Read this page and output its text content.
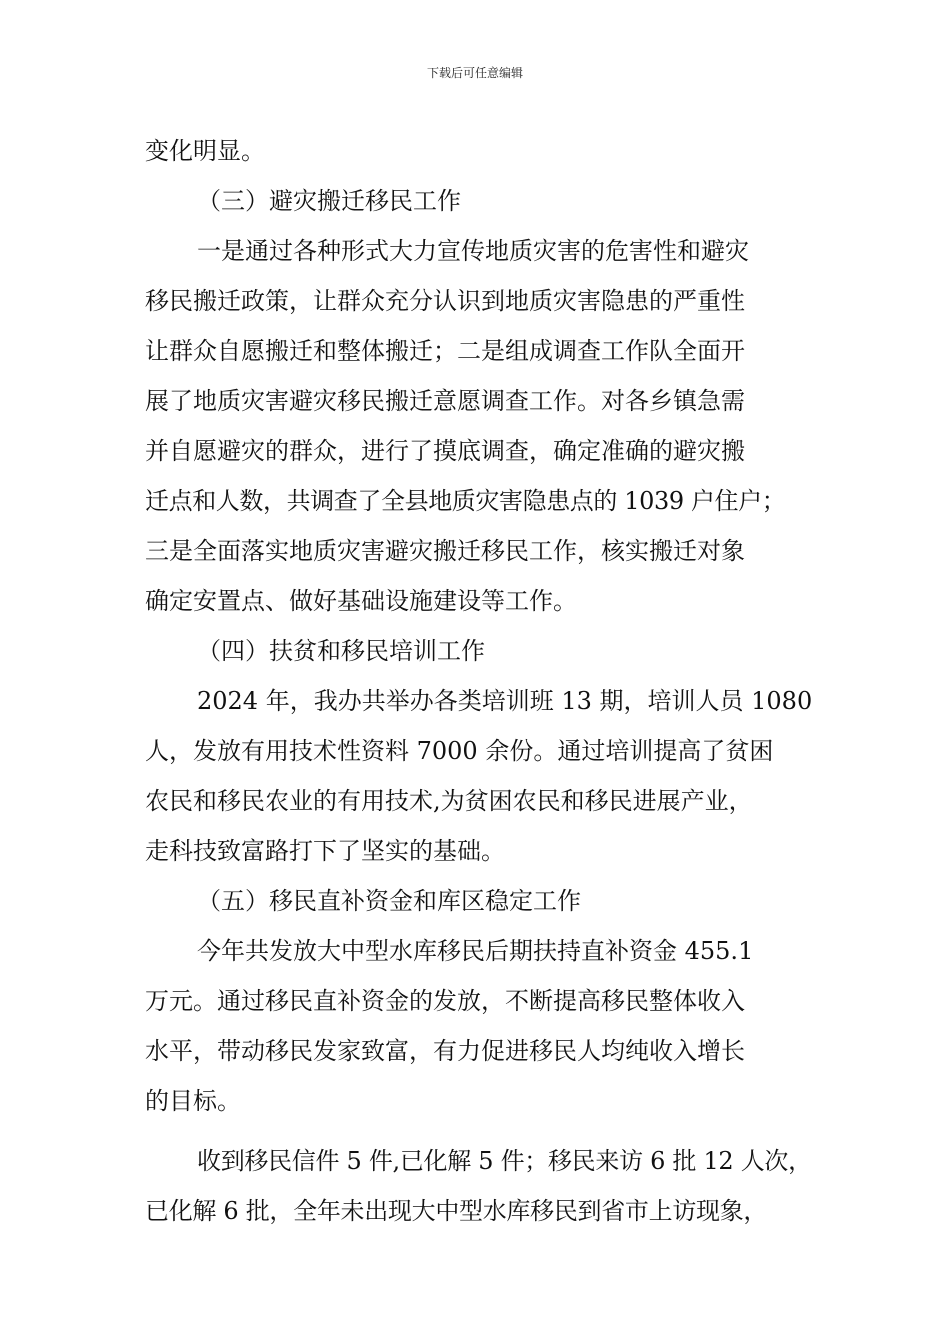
下载后可任意编辑
变化明显。
（三）避灾搬迁移民工作
一是通过各种形式大力宣传地质灾害的危害性和避灾
移民搬迁政策，让群众充分认识到地质灾害隐患的严重性
让群众自愿搬迁和整体搬迁；二是组成调查工作队全面开
展了地质灾害避灾移民搬迁意愿调查工作。对各乡镇急需
并自愿避灾的群众，进行了摸底调查，确定准确的避灾搬
迁点和人数，共调查了全县地质灾害隐患点的 1039 户住户；
三是全面落实地质灾害避灾搬迁移民工作，核实搬迁对象
确定安置点、做好基础设施建设等工作。
（四）扶贫和移民培训工作
2024 年，我办共举办各类培训班 13 期，培训人员 1080
人，发放有用技术性资料 7000 余份。通过培训提高了贫困
农民和移民农业的有用技术,为贫困农民和移民进展产业，
走科技致富路打下了坚实的基础。
（五）移民直补资金和库区稳定工作
今年共发放大中型水库移民后期扶持直补资金 455.1
万元。通过移民直补资金的发放，不断提高移民整体收入
水平，带动移民发家致富，有力促进移民人均纯收入增长
的目标。
收到移民信件 5 件,已化解 5 件；移民来访 6 批 12 人次，
已化解 6 批，全年未出现大中型水库移民到省市上访现象，
